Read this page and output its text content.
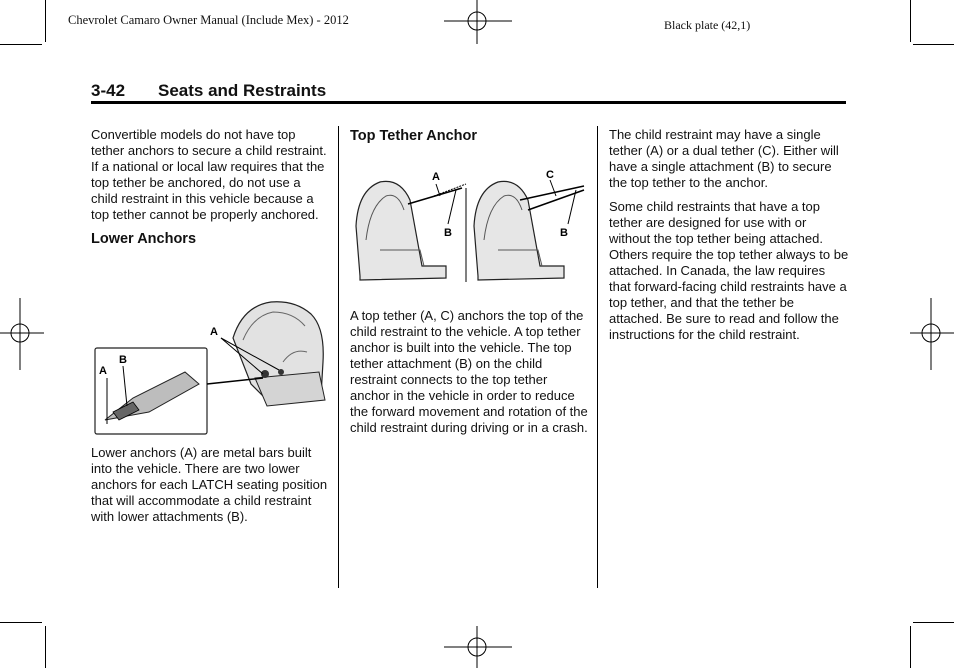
Chevrolet Camaro Owner Manual (Include Mex) - 2012	Black plate (42,1)
3-42 Seats and Restraints

Convertible models do not have top tether anchors to secure a child restraint. If a national or local law requires that the top tether be anchored, do not use a child restraint in this vehicle because a top tether cannot be properly anchored.

Lower Anchors
A
A
B

Lower anchors (A) are metal bars built into the vehicle. There are two lower anchors for each LATCH seating position that will accommodate a child restraint with lower attachments (B).

Top Tether Anchor
A
B
C
B

A top tether (A, C) anchors the top of the child restraint to the vehicle. A top tether anchor is built into the vehicle. The top tether attachment (B) on the child restraint connects to the top tether anchor in the vehicle in order to reduce the forward movement and rotation of the child restraint during driving or in a crash.

The child restraint may have a single tether (A) or a dual tether (C). Either will have a single attachment (B) to secure the top tether to the anchor.

Some child restraints that have a top tether are designed for use with or without the top tether being attached. Others require the top tether always to be attached. In Canada, the law requires that forward-facing child restraints have a top tether, and that the tether be attached. Be sure to read and follow the instructions for the child restraint.
